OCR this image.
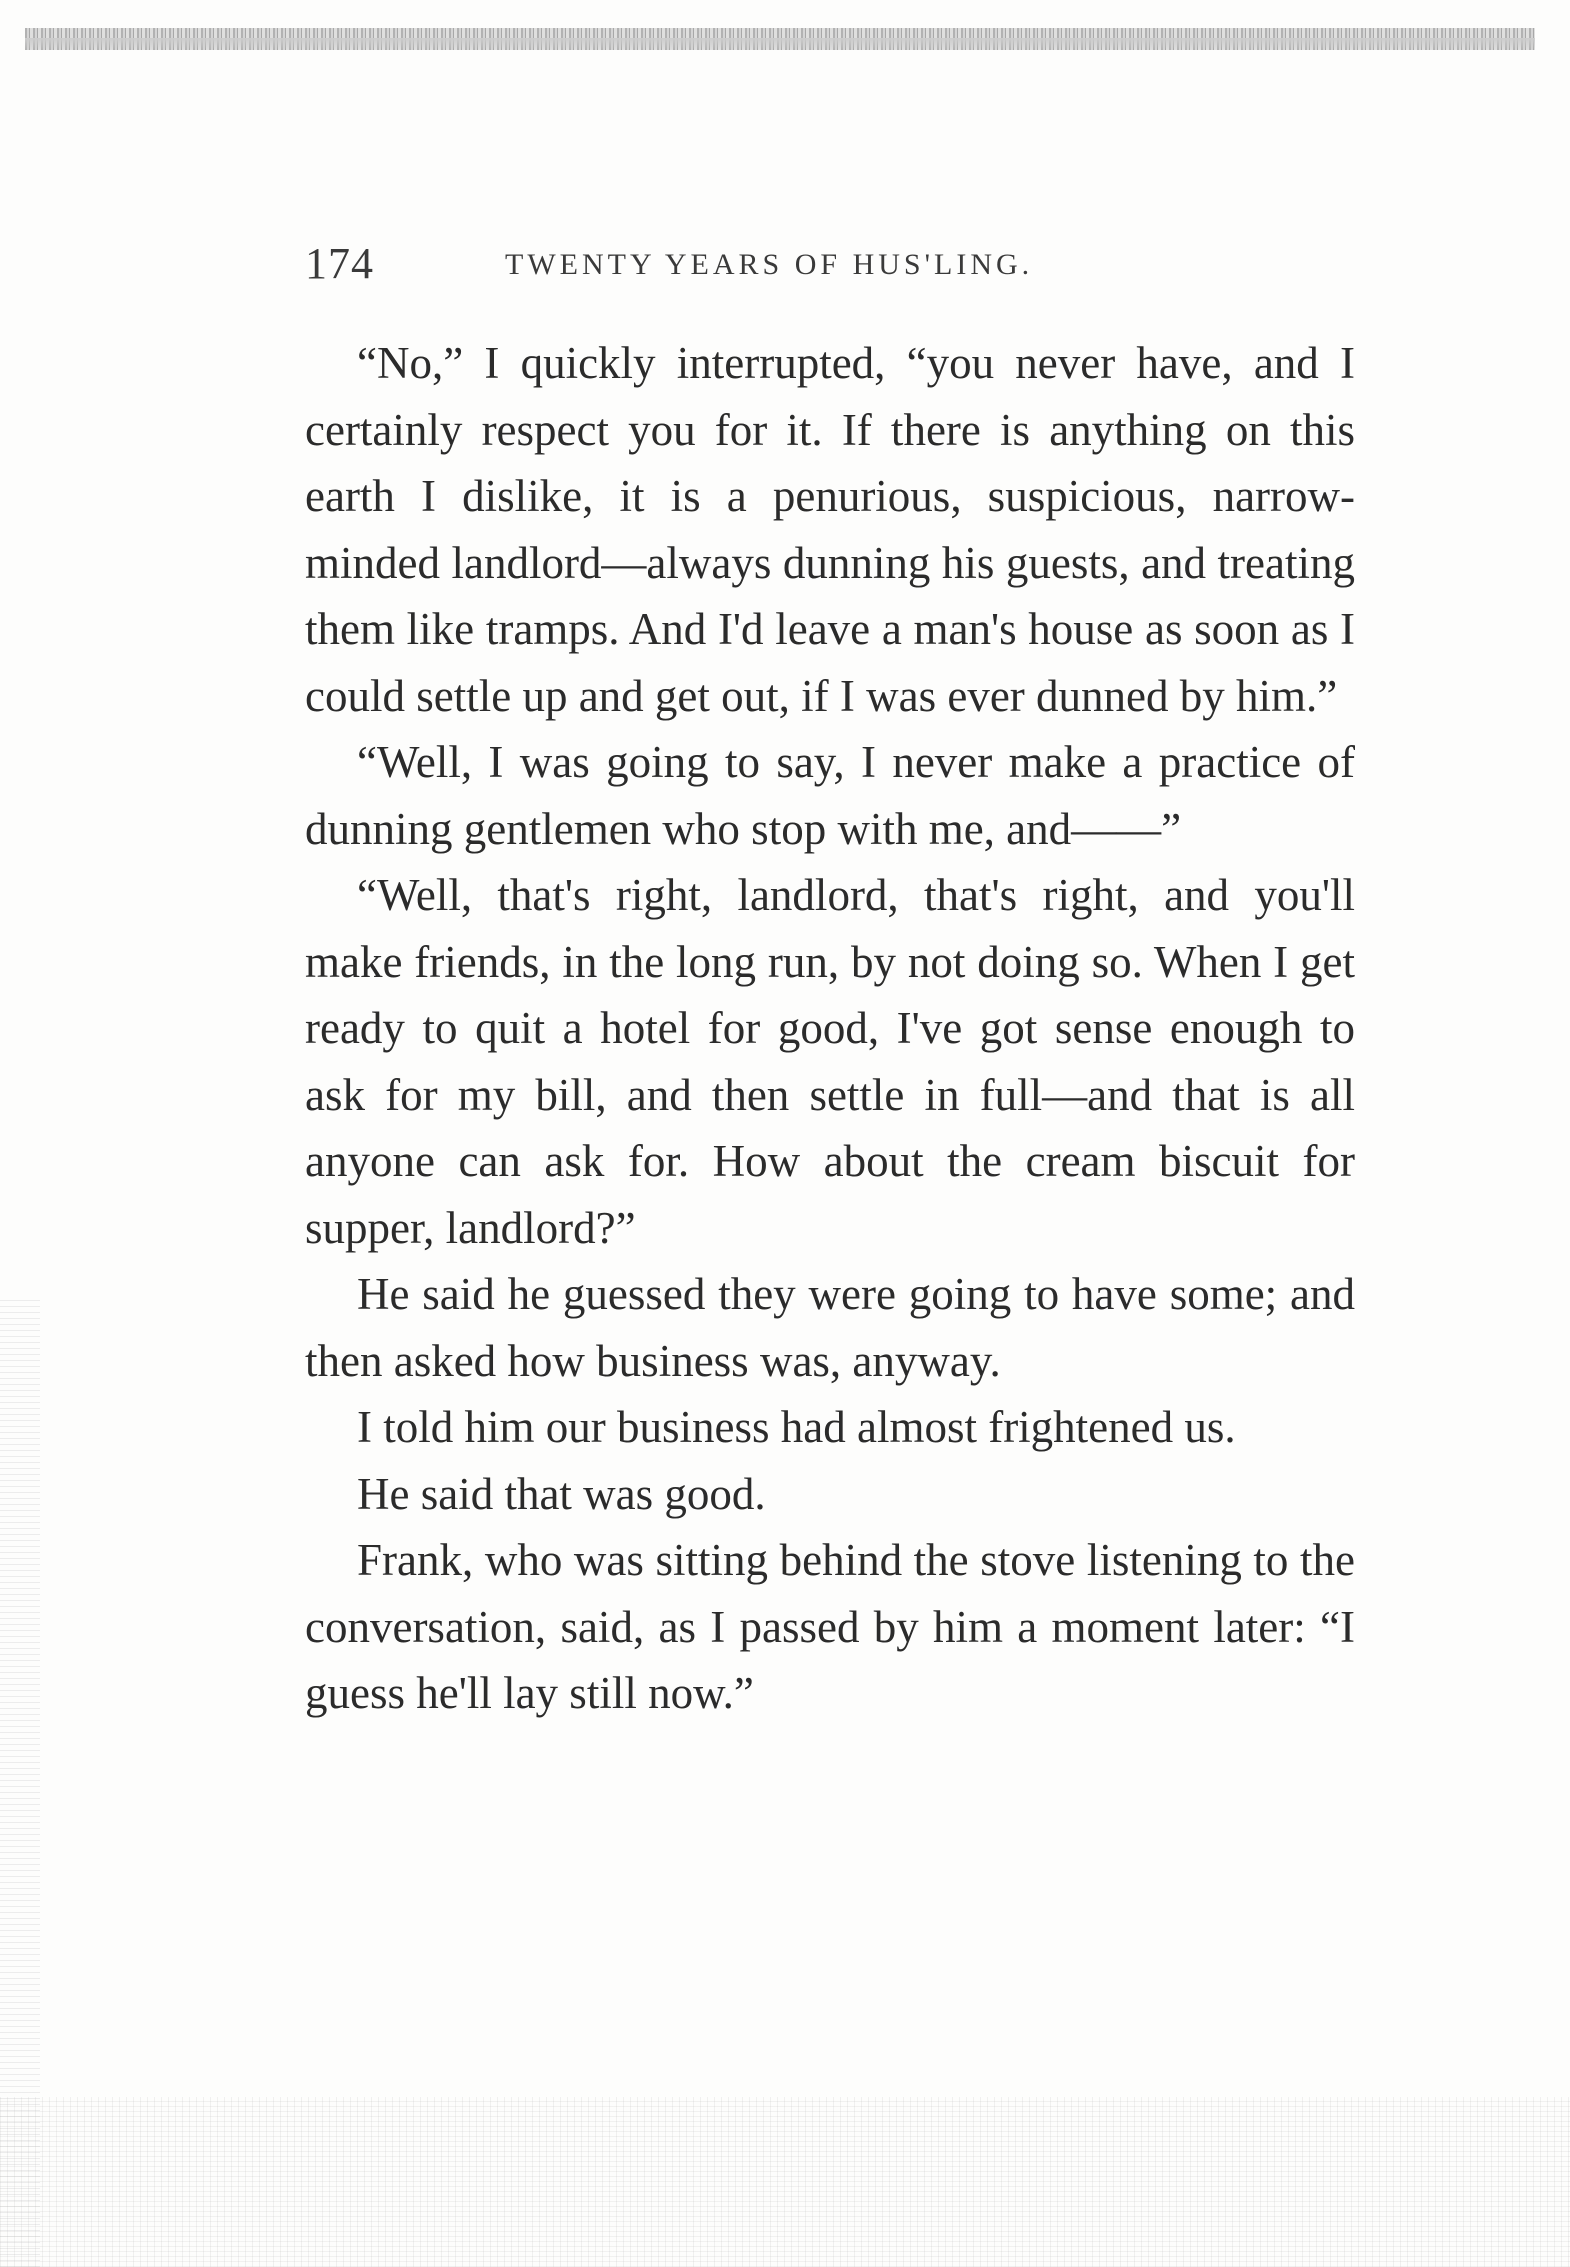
174	TWENTY YEARS OF HUS'LING.

“No,” I quickly interrupted, “you never have, and I certainly respect you for it. If there is anything on this earth I dislike, it is a penurious, suspicious, narrow-minded landlord—always dunning his guests, and treating them like tramps. And I'd leave a man's house as soon as I could settle up and get out, if I was ever dunned by him.”

“Well, I was going to say, I never make a practice of dunning gentlemen who stop with me, and——”

“Well, that's right, landlord, that's right, and you'll make friends, in the long run, by not doing so. When I get ready to quit a hotel for good, I've got sense enough to ask for my bill, and then settle in full—and that is all anyone can ask for. How about the cream biscuit for supper, landlord?”

He said he guessed they were going to have some; and then asked how business was, anyway.

I told him our business had almost frightened us.

He said that was good.

Frank, who was sitting behind the stove listening to the conversation, said, as I passed by him a moment later: “I guess he'll lay still now.”
